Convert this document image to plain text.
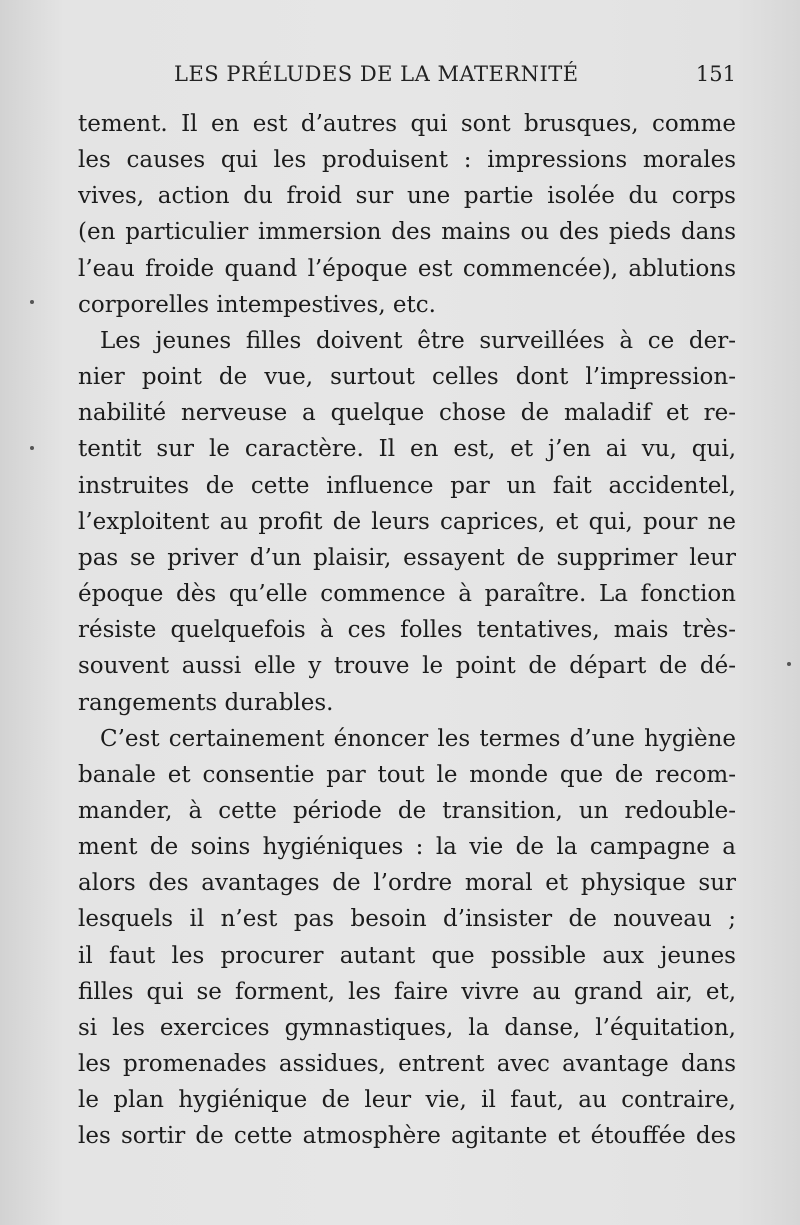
LES PRÉLUDES DE LA MATERNITÉ	151

tement. Il en est d’autres qui sont brusques, comme
les causes qui les produisent : impressions morales
vives, action du froid sur une partie isolée du corps
(en particulier immersion des mains ou des pieds dans
l’eau froide quand l’époque est commencée), ablutions
corporelles intempestives, etc.

Les jeunes filles doivent être surveillées à ce der-
nier point de vue, surtout celles dont l’impression-
nabilité nerveuse a quelque chose de maladif et re-
tentit sur le caractère. Il en est, et j’en ai vu, qui,
instruites de cette influence par un fait accidentel,
l’exploitent au profit de leurs caprices, et qui, pour ne
pas se priver d’un plaisir, essayent de supprimer leur
époque dès qu’elle commence à paraître. La fonction
résiste quelquefois à ces folles tentatives, mais très-
souvent aussi elle y trouve le point de départ de dé-
rangements durables.

C’est certainement énoncer les termes d’une hygiène
banale et consentie par tout le monde que de recom-
mander, à cette période de transition, un redouble-
ment de soins hygiéniques : la vie de la campagne a
alors des avantages de l’ordre moral et physique sur
lesquels il n’est pas besoin d’insister de nouveau ;
il faut les procurer autant que possible aux jeunes
filles qui se forment, les faire vivre au grand air, et,
si les exercices gymnastiques, la danse, l’équitation,
les promenades assidues, entrent avec avantage dans
le plan hygiénique de leur vie, il faut, au contraire,
les sortir de cette atmosphère agitante et étouffée des
